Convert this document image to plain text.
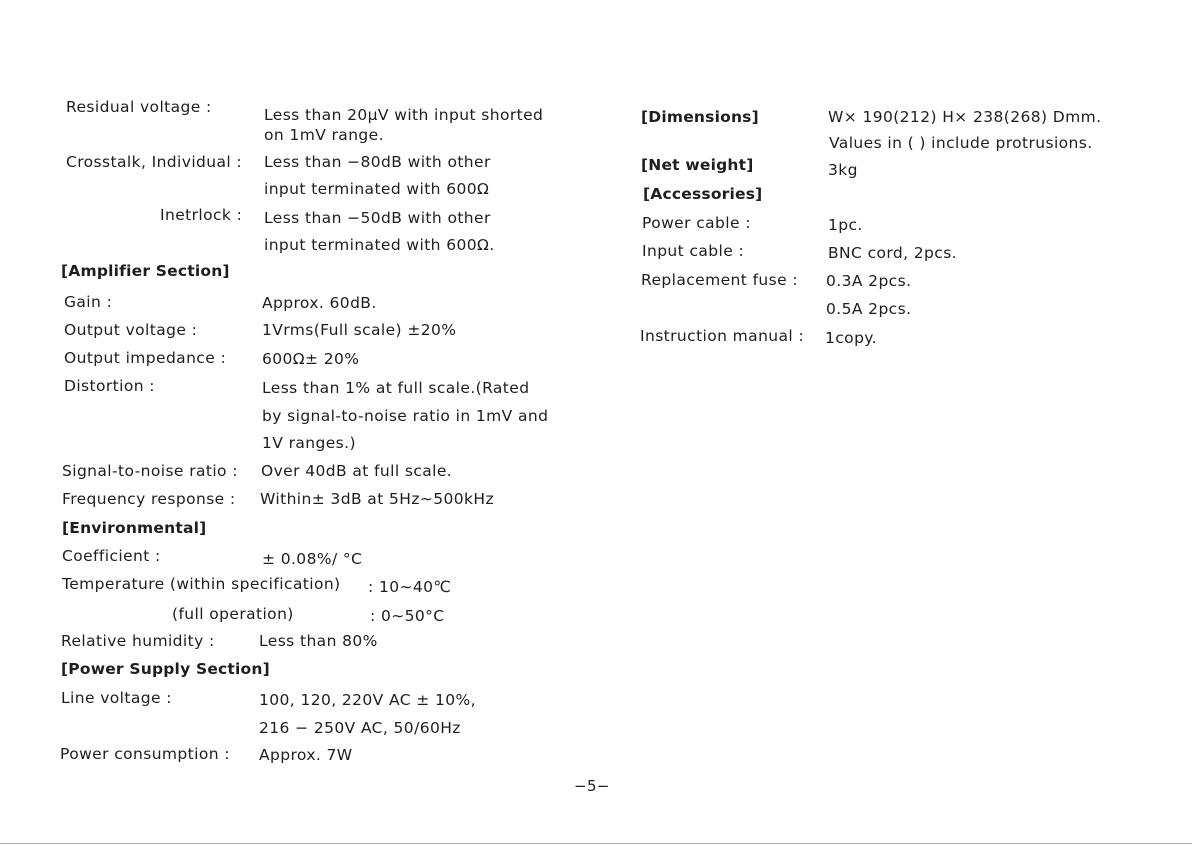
Residual voltage :	Less than 20µV with input shorted
on 1mV range.
Crosstalk, Individual : Less than −80dB with other
input terminated with 600Ω
Inetrlock : Less than −50dB with other
input terminated with 600Ω.
[Amplifier Section]
Gain :	Approx. 60dB.
Output voltage :	1Vrms(Full scale) ±20%
Output impedance : 600Ω± 20%
Distortion :	Less than 1% at full scale.(Rated
by signal-to-noise ratio in 1mV and
1V ranges.)
Signal-to-noise ratio : Over 40dB at full scale.
Frequency response : Within± 3dB at 5Hz∼500kHz
[Environmental]
Coefficient :	± 0.08%/ °C
Temperature (within specification) : 10∼40℃
(full operation)	: 0∼50°C
Relative humidity :	Less than 80%
[Power Supply Section]
Line voltage :	100, 120, 220V AC ± 10%,
216 − 250V AC, 50/60Hz
Power consumption : Approx. 7W
[Dimensions]	W× 190(212) H× 238(268) Dmm.
Values in ( ) include protrusions.
[Net weight]	3kg
[Accessories]
Power cable :	1pc.
Input cable :	BNC cord, 2pcs.
Replacement fuse : 0.3A 2pcs.
0.5A 2pcs.
Instruction manual : 1copy.
−5−
